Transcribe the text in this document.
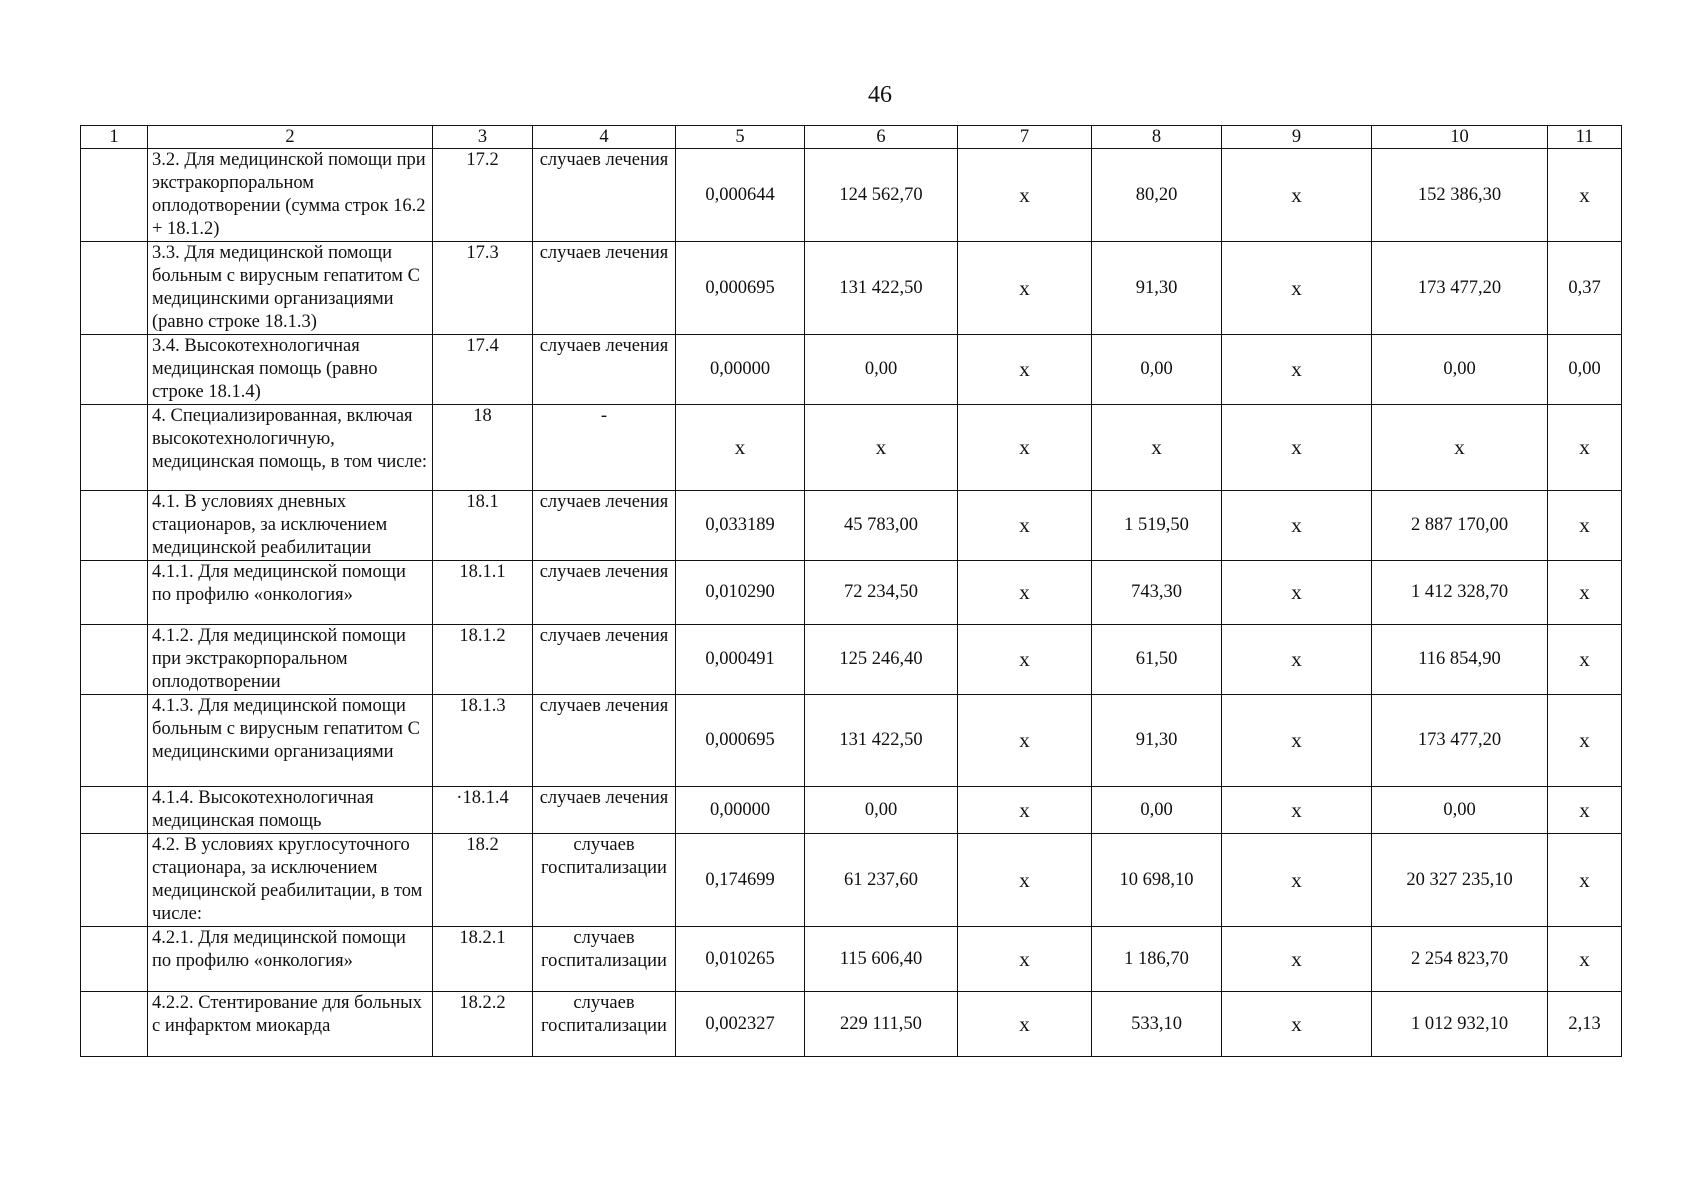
46
1	2	3	4	5	6	7	8	9	10	11
	3.2. Для медицинской помощи при экстракорпоральном оплодотворении (сумма строк 16.2 + 18.1.2)	17.2	случаев лечения	0,000644	124 562,70	x	80,20	x	152 386,30	x
	3.3. Для медицинской помощи больным с вирусным гепатитом С медицинскими организациями (равно строке 18.1.3)	17.3	случаев лечения	0,000695	131 422,50	x	91,30	x	173 477,20	0,37
	3.4. Высокотехнологичная медицинская помощь (равно строке 18.1.4)	17.4	случаев лечения	0,00000	0,00	x	0,00	x	0,00	0,00
	4. Специализированная, включая высокотехнологичную, медицинская помощь, в том числе:	18	-	x	x	x	x	x	x	x
	4.1. В условиях дневных стационаров, за исключением медицинской реабилитации	18.1	случаев лечения	0,033189	45 783,00	x	1 519,50	x	2 887 170,00	x
	4.1.1. Для медицинской помощи по профилю «онкология»	18.1.1	случаев лечения	0,010290	72 234,50	x	743,30	x	1 412 328,70	x
	4.1.2. Для медицинской помощи при экстракорпоральном оплодотворении	18.1.2	случаев лечения	0,000491	125 246,40	x	61,50	x	116 854,90	x
	4.1.3. Для медицинской помощи больным с вирусным гепатитом С медицинскими организациями	18.1.3	случаев лечения	0,000695	131 422,50	x	91,30	x	173 477,20	x
	4.1.4. Высокотехнологичная медицинская помощь	·18.1.4	случаев лечения	0,00000	0,00	x	0,00	x	0,00	x
	4.2. В условиях круглосуточного стационара, за исключением медицинской реабилитации, в том числе:	18.2	случаев госпитализации	0,174699	61 237,60	x	10 698,10	x	20 327 235,10	x
	4.2.1. Для медицинской помощи по профилю «онкология»	18.2.1	случаев госпитализации	0,010265	115 606,40	x	1 186,70	x	2 254 823,70	x
	4.2.2. Стентирование для больных с инфарктом миокарда	18.2.2	случаев госпитализации	0,002327	229 111,50	x	533,10	x	1 012 932,10	2,13
